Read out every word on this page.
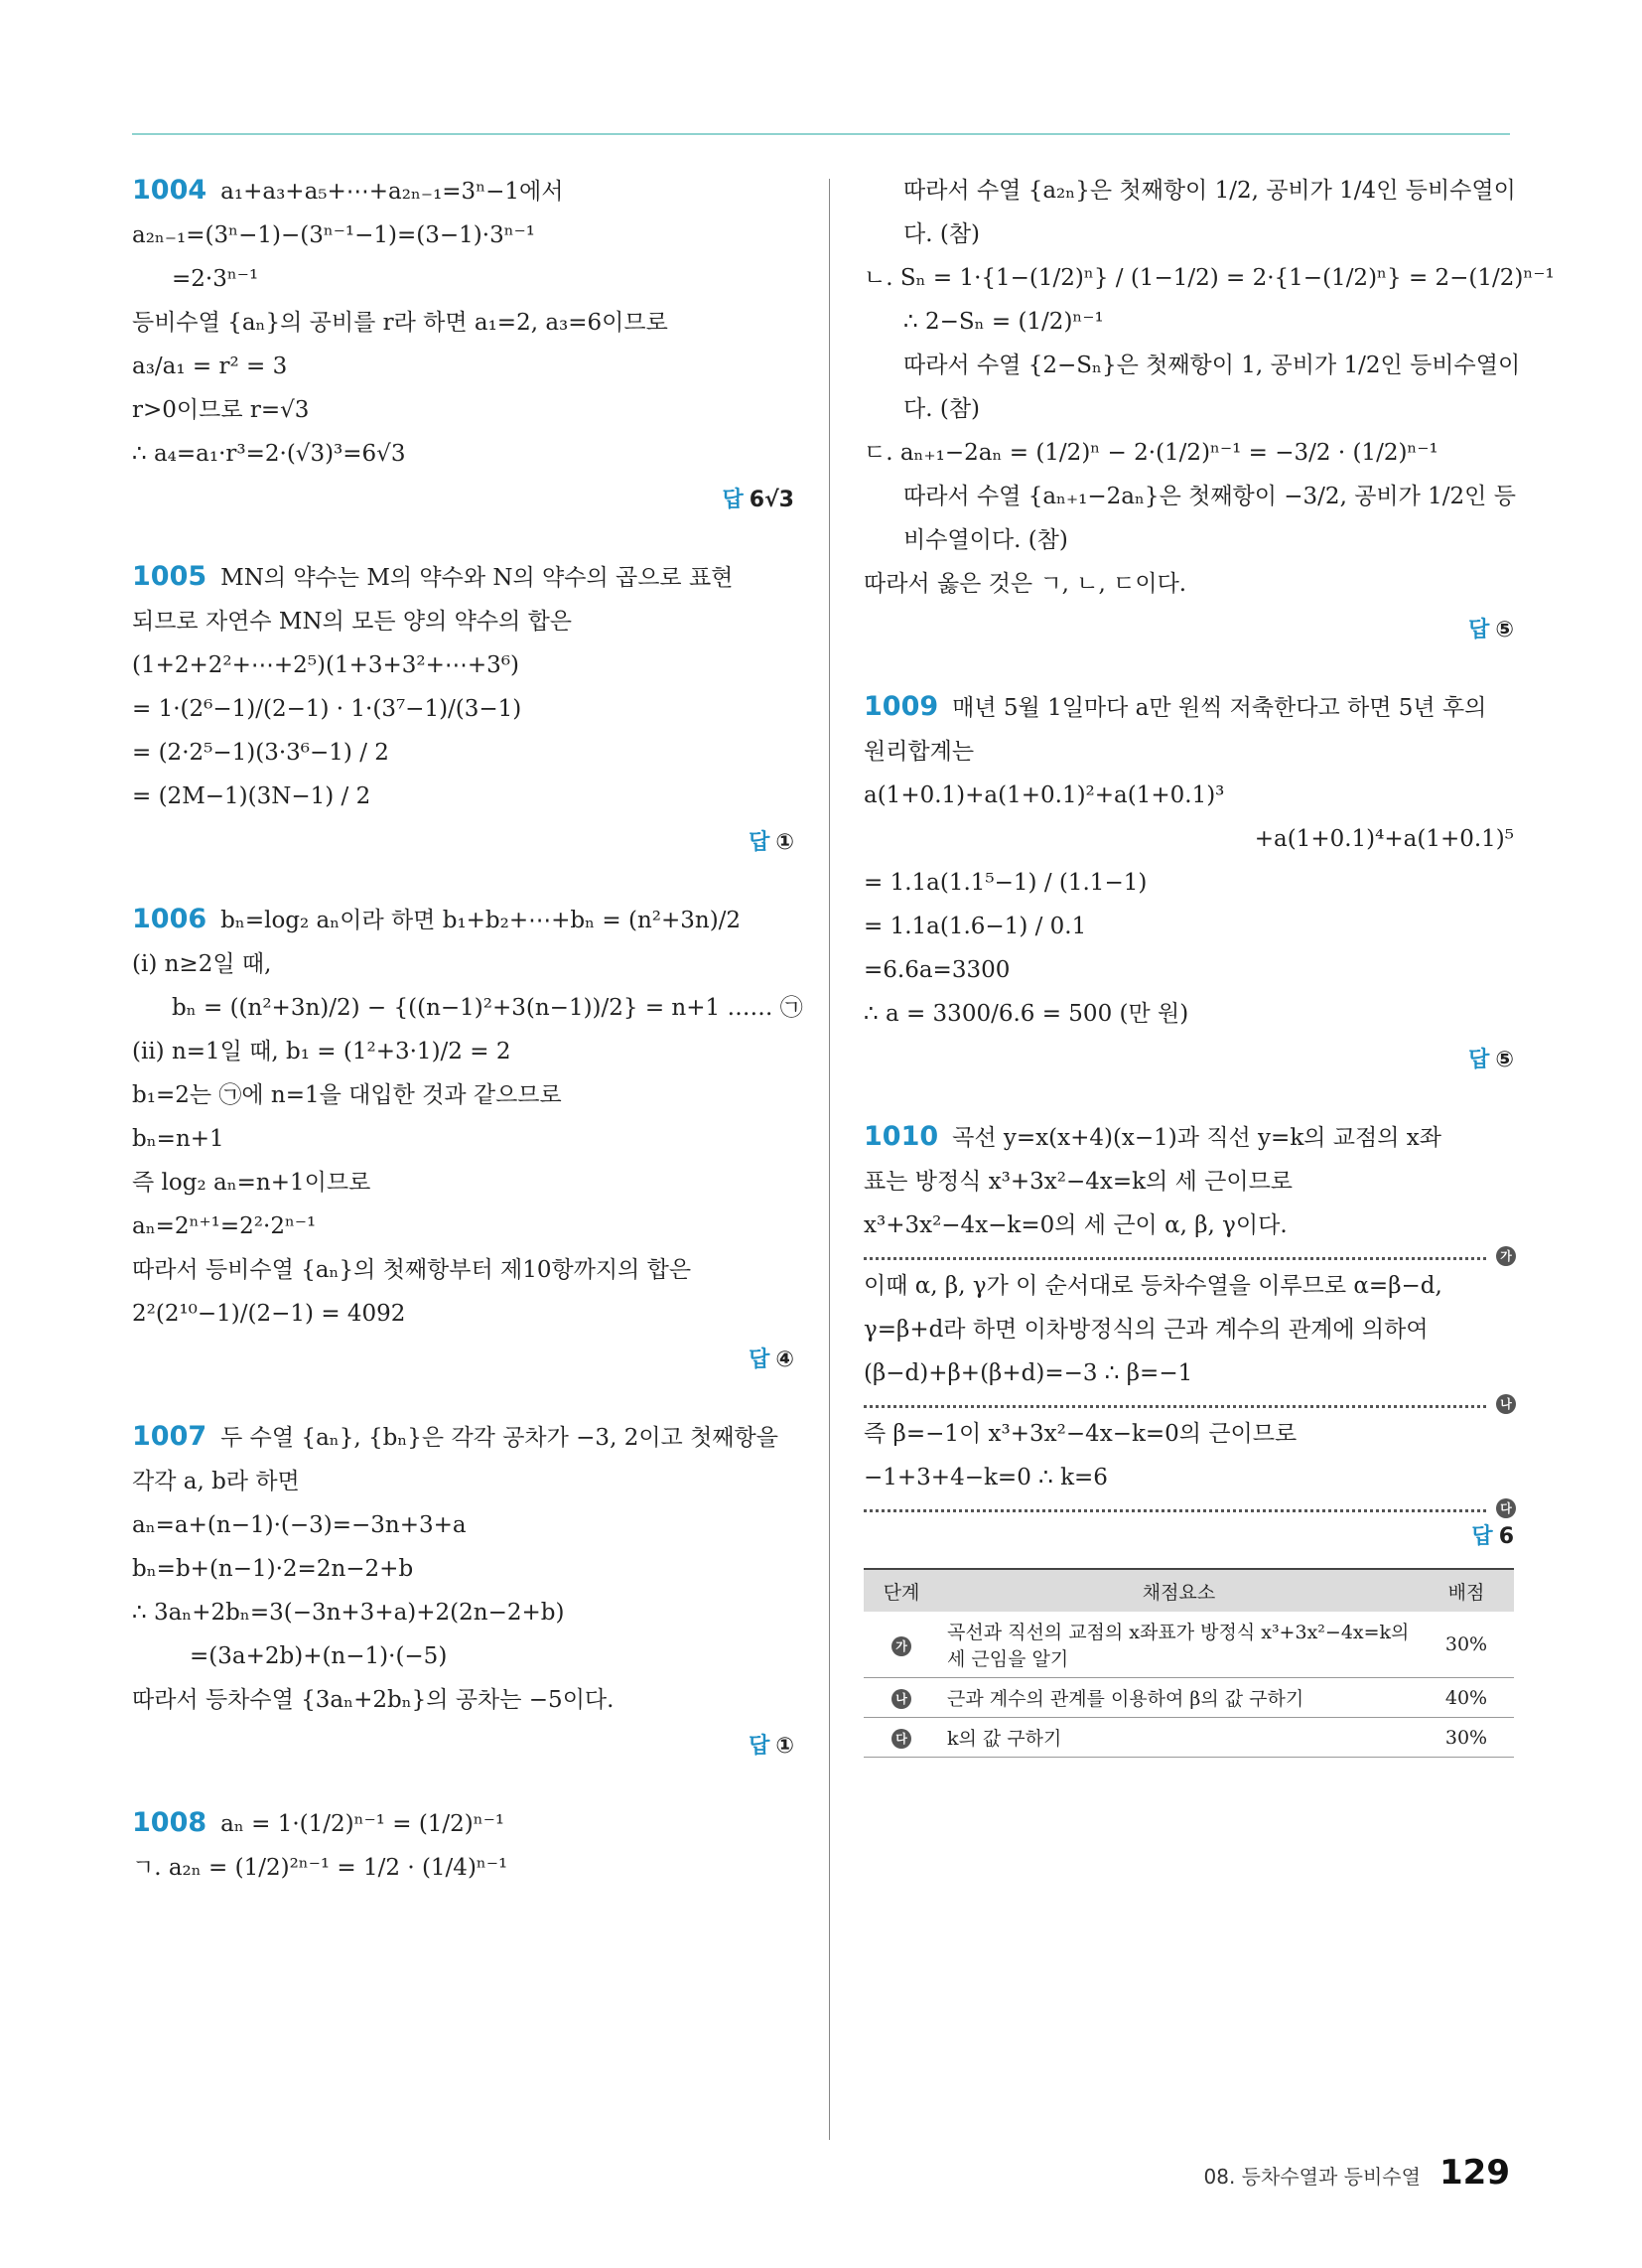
1004 a₁+a₃+a₅+⋯+a₂ₙ₋₁=3ⁿ−1에서
a₂ₙ₋₁=(3ⁿ−1)−(3ⁿ⁻¹−1)=(3−1)·3ⁿ⁻¹
=2·3ⁿ⁻¹
등비수열 {aₙ}의 공비를 r라 하면 a₁=2, a₃=6이므로
a₃/a₁ = r² = 3
r>0이므로 r=√3
∴ a₄=a₁·r³=2·(√3)³=6√3
답 6√3
1005 MN의 약수는 M의 약수와 N의 약수의 곱으로 표현
되므로 자연수 MN의 모든 양의 약수의 합은
(1+2+2²+⋯+2⁵)(1+3+3²+⋯+3⁶)
= 1·(2⁶−1)/(2−1) · 1·(3⁷−1)/(3−1)
= (2·2⁵−1)(3·3⁶−1) / 2
= (2M−1)(3N−1) / 2
답 ①
1006 bₙ=log₂ aₙ이라 하면 b₁+b₂+⋯+bₙ = (n²+3n)/2
(i) n≥2일 때,
bₙ = ((n²+3n)/2) − {((n−1)²+3(n−1))/2} = n+1 …… ㉠
(ii) n=1일 때, b₁ = (1²+3·1)/2 = 2
b₁=2는 ㉠에 n=1을 대입한 것과 같으므로
bₙ=n+1
즉 log₂ aₙ=n+1이므로
aₙ=2ⁿ⁺¹=2²·2ⁿ⁻¹
따라서 등비수열 {aₙ}의 첫째항부터 제10항까지의 합은
2²(2¹⁰−1)/(2−1) = 4092
답 ④
1007 두 수열 {aₙ}, {bₙ}은 각각 공차가 −3, 2이고 첫째항을
각각 a, b라 하면
aₙ=a+(n−1)·(−3)=−3n+3+a
bₙ=b+(n−1)·2=2n−2+b
∴ 3aₙ+2bₙ=3(−3n+3+a)+2(2n−2+b)
=(3a+2b)+(n−1)·(−5)
따라서 등차수열 {3aₙ+2bₙ}의 공차는 −5이다.
답 ①
1008 aₙ = 1·(1/2)ⁿ⁻¹ = (1/2)ⁿ⁻¹
ㄱ. a₂ₙ = (1/2)²ⁿ⁻¹ = 1/2 · (1/4)ⁿ⁻¹
따라서 수열 {a₂ₙ}은 첫째항이 1/2, 공비가 1/4인 등비수열이
다. (참)
ㄴ. Sₙ = 1·{1−(1/2)ⁿ} / (1−1/2) = 2·{1−(1/2)ⁿ} = 2−(1/2)ⁿ⁻¹
∴ 2−Sₙ = (1/2)ⁿ⁻¹
따라서 수열 {2−Sₙ}은 첫째항이 1, 공비가 1/2인 등비수열이
다. (참)
ㄷ. aₙ₊₁−2aₙ = (1/2)ⁿ − 2·(1/2)ⁿ⁻¹ = −3/2 · (1/2)ⁿ⁻¹
따라서 수열 {aₙ₊₁−2aₙ}은 첫째항이 −3/2, 공비가 1/2인 등
비수열이다. (참)
따라서 옳은 것은 ㄱ, ㄴ, ㄷ이다.
답 ⑤
1009 매년 5월 1일마다 a만 원씩 저축한다고 하면 5년 후의
원리합계는
a(1+0.1)+a(1+0.1)²+a(1+0.1)³
+a(1+0.1)⁴+a(1+0.1)⁵
= 1.1a(1.1⁵−1) / (1.1−1)
= 1.1a(1.6−1) / 0.1
=6.6a=3300
∴ a = 3300/6.6 = 500 (만 원)
답 ⑤
1010 곡선 y=x(x+4)(x−1)과 직선 y=k의 교점의 x좌
표는 방정식 x³+3x²−4x=k의 세 근이므로
x³+3x²−4x−k=0의 세 근이 α, β, γ이다.
가
이때 α, β, γ가 이 순서대로 등차수열을 이루므로 α=β−d,
γ=β+d라 하면 이차방정식의 근과 계수의 관계에 의하여
(β−d)+β+(β+d)=−3 ∴ β=−1
나
즉 β=−1이 x³+3x²−4x−k=0의 근이므로
−1+3+4−k=0 ∴ k=6
다
답 6
단계	채점요소	배점
가	곡선과 직선의 교점의 x좌표가 방정식 x³+3x²−4x=k의 세 근임을 알기	30%
나	근과 계수의 관계를 이용하여 β의 값 구하기	40%
다	k의 값 구하기	30%
08. 등차수열과 등비수열 129
